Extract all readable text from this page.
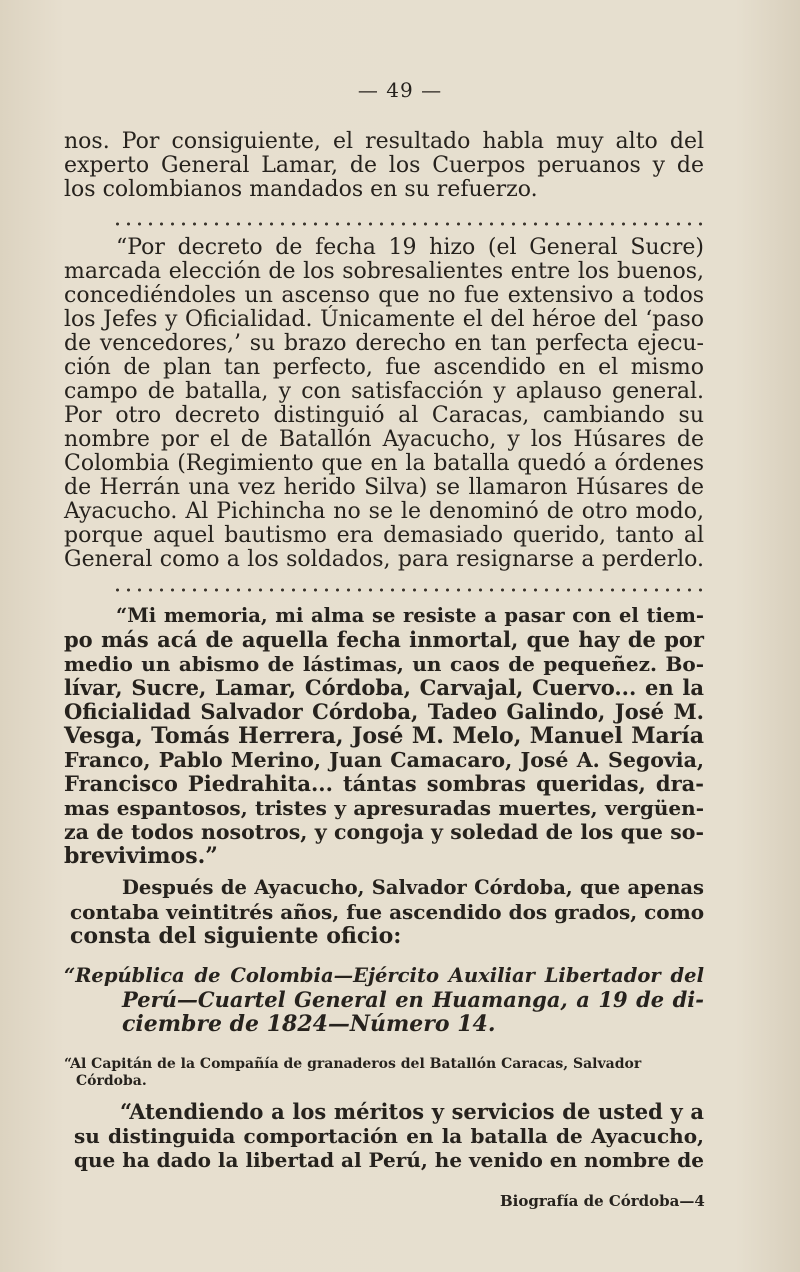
— 49 —
nos. Por consiguiente, el resultado habla muy alto del
experto General Lamar, de los Cuerpos peruanos y de
los colombianos mandados en su refuerzo.
“Por decreto de fecha 19 hizo (el General Sucre)
marcada elección de los sobresalientes entre los buenos,
concediéndoles un ascenso que no fue extensivo a todos
los Jefes y Oficialidad. Únicamente el del héroe del ‘paso
de vencedores,’ su brazo derecho en tan perfecta ejecu-
ción de plan tan perfecto, fue ascendido en el mismo
campo de batalla, y con satisfacción y aplauso general.
Por otro decreto distinguió al Caracas, cambiando su
nombre por el de Batallón Ayacucho, y los Húsares de
Colombia (Regimiento que en la batalla quedó a órdenes
de Herrán una vez herido Silva) se llamaron Húsares de
Ayacucho. Al Pichincha no se le denominó de otro modo,
porque aquel bautismo era demasiado querido, tanto al
General como a los soldados, para resignarse a perderlo.
“Mi memoria, mi alma se resiste a pasar con el tiem-
po más acá de aquella fecha inmortal, que hay de por
medio un abismo de lástimas, un caos de pequeñez. Bo-
lívar, Sucre, Lamar, Córdoba, Carvajal, Cuervo... en la
Oficialidad Salvador Córdoba, Tadeo Galindo, José M.
Vesga, Tomás Herrera, José M. Melo, Manuel María
Franco, Pablo Merino, Juan Camacaro, José A. Segovia,
Francisco Piedrahita... tántas sombras queridas, dra-
mas espantosos, tristes y apresuradas muertes, vergüen-
za de todos nosotros, y congoja y soledad de los que so-
brevivimos.”
Después de Ayacucho, Salvador Córdoba, que apenas
contaba veintitrés años, fue ascendido dos grados, como
consta del siguiente oficio:
“República de Colombia—Ejército Auxiliar Libertador del
Perú—Cuartel General en Huamanga, a 19 de di-
ciembre de 1824—Número 14.
“Al Capitán de la Compañía de granaderos del Batallón Caracas, Salvador
Córdoba.
“Atendiendo a los méritos y servicios de usted y a
su distinguida comportación en la batalla de Ayacucho,
que ha dado la libertad al Perú, he venido en nombre de
Biografía de Córdoba—4
